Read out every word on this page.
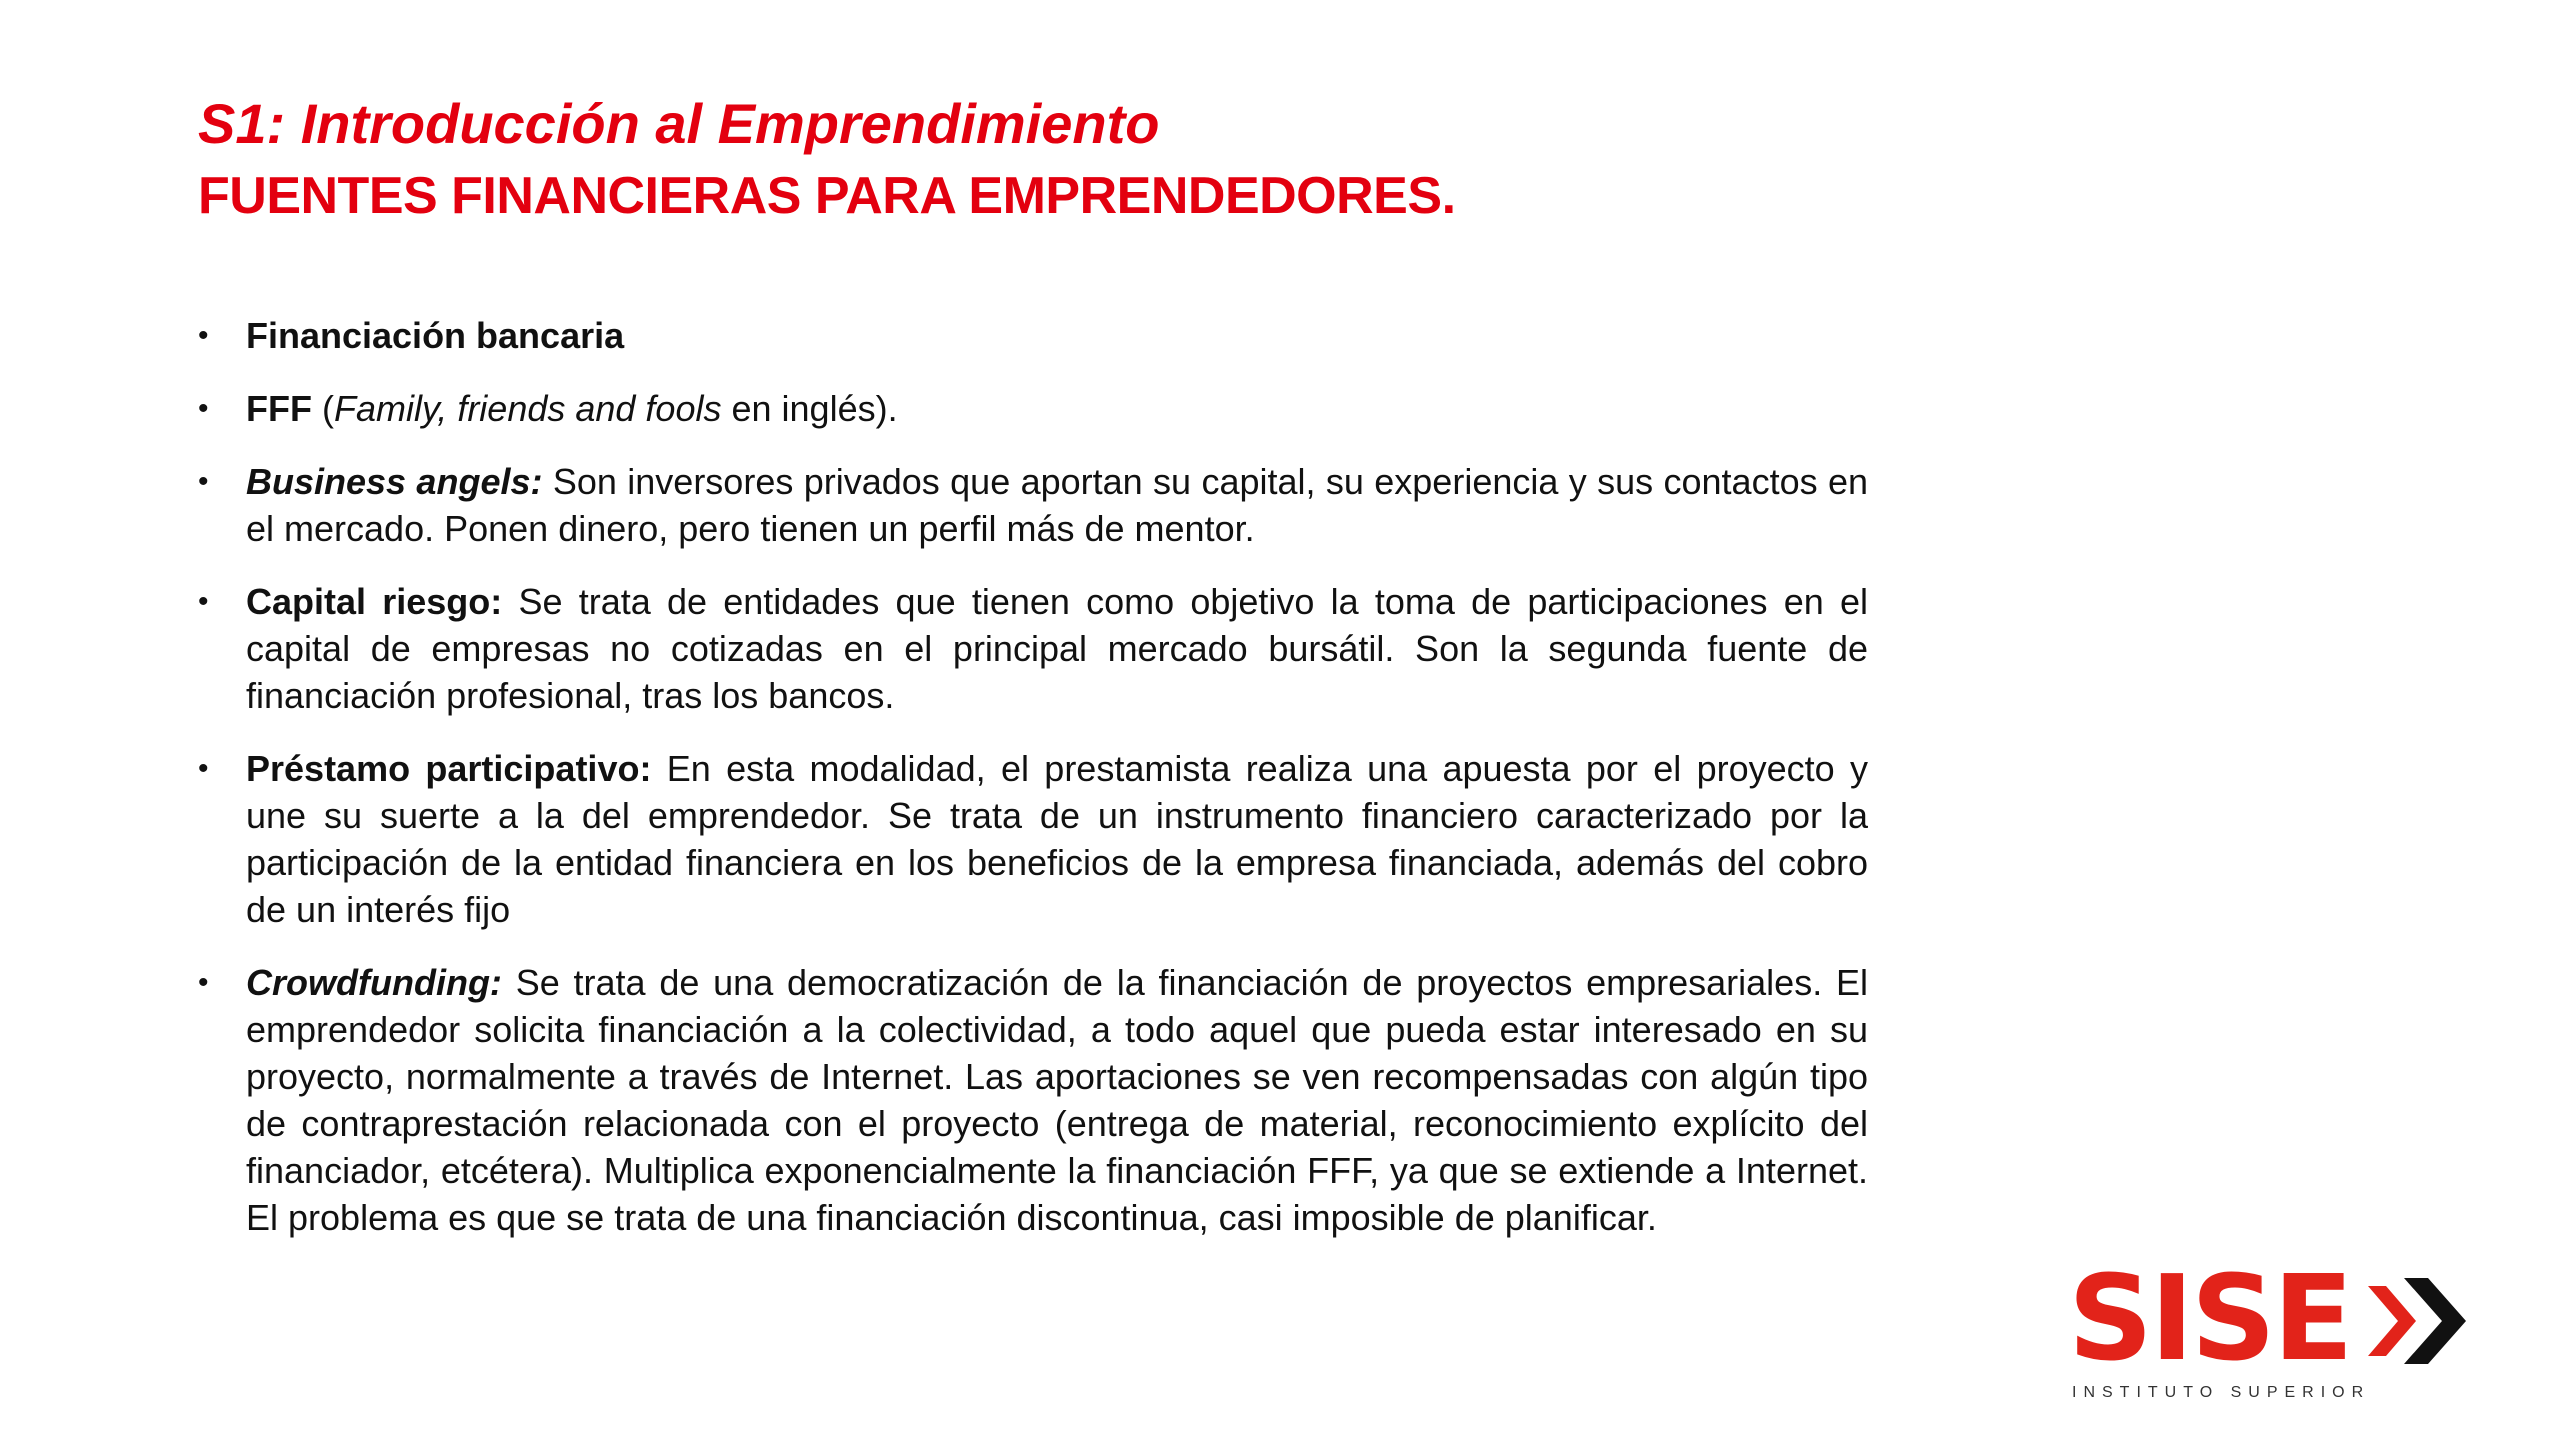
S1: Introducción al Emprendimiento
FUENTES FINANCIERAS PARA EMPRENDEDORES.
• Financiación bancaria
• FFF (Family, friends and fools en inglés).
• Business angels: Son inversores privados que aportan su capital, su experiencia y sus contactos en el mercado. Ponen dinero, pero tienen un perfil más de mentor.
• Capital riesgo: Se trata de entidades que tienen como objetivo la toma de participaciones en el capital de empresas no cotizadas en el principal mercado bursátil. Son la segunda fuente de financiación profesional, tras los bancos.
• Préstamo participativo: En esta modalidad, el prestamista realiza una apuesta por el proyecto y une su suerte a la del emprendedor. Se trata de un instrumento financiero caracterizado por la participación de la entidad financiera en los beneficios de la empresa financiada, además del cobro de un interés fijo
• Crowdfunding: Se trata de una democratización de la financiación de proyectos empresariales. El emprendedor solicita financiación a la colectividad, a todo aquel que pueda estar interesado en su proyecto, normalmente a través de Internet. Las aportaciones se ven recompensadas con algún tipo de contraprestación relacionada con el proyecto (entrega de material, reconocimiento explícito del financiador, etcétera). Multiplica exponencialmente la financiación FFF, ya que se extiende a Internet. El problema es que se trata de una financiación discontinua, casi imposible de planificar.
SISE
INSTITUTO SUPERIOR
